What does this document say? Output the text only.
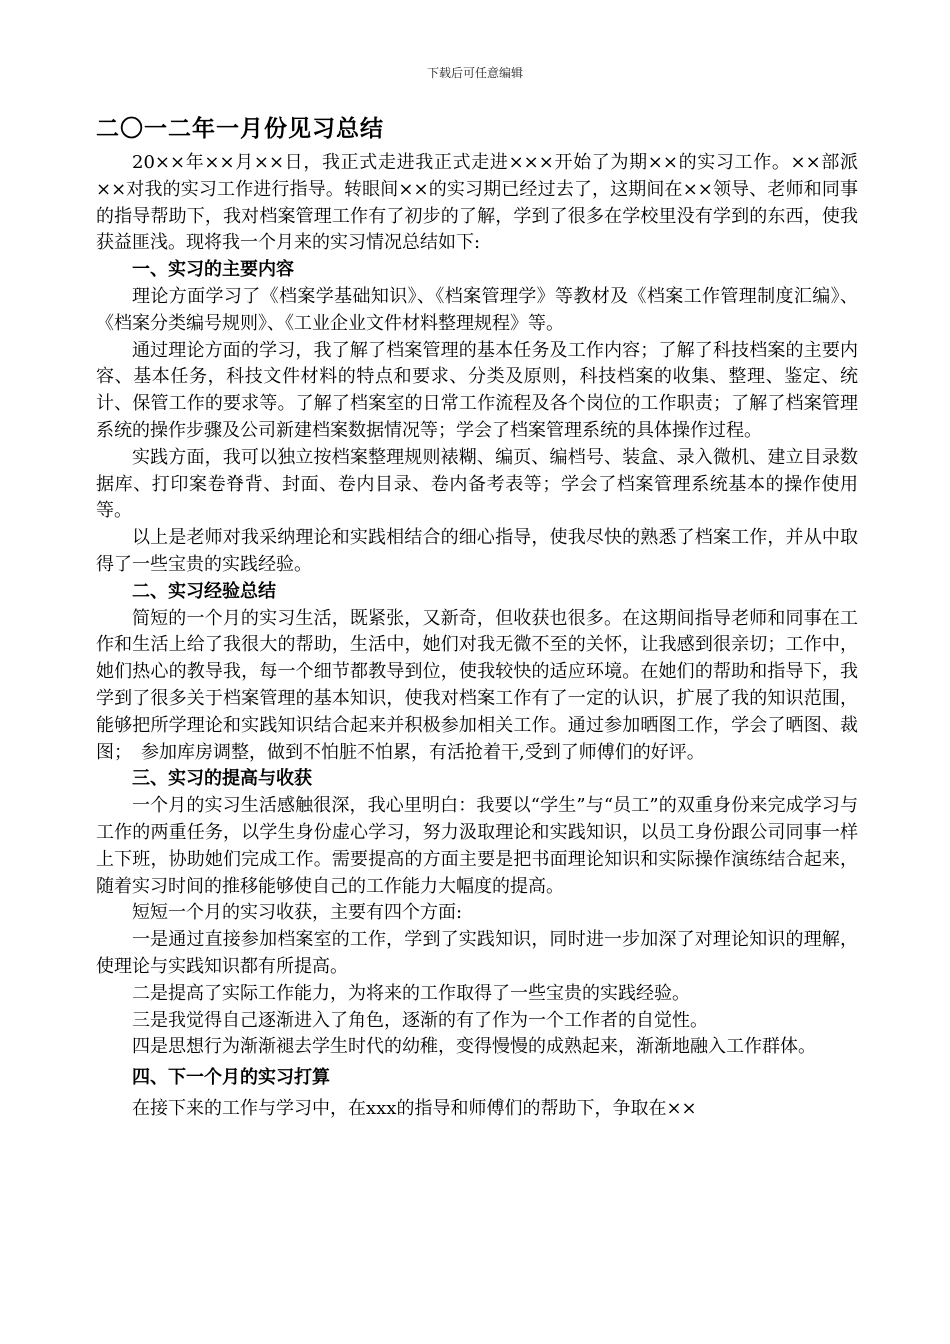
下载后可任意编辑
二〇一二年一月份见习总结

20××年××月××日，我正式走进我正式走进×××开始了为期××的实习工作。××部派××对我的实习工作进行指导。转眼间××的实习期已经过去了，这期间在××领导、老师和同事的指导帮助下，我对档案管理工作有了初步的了解，学到了很多在学校里没有学到的东西，使我获益匪浅。现将我一个月来的实习情况总结如下:

一、实习的主要内容

理论方面学习了《档案学基础知识》、《档案管理学》等教材及《档案工作管理制度汇编》、《档案分类编号规则》、《工业企业文件材料整理规程》等。

通过理论方面的学习，我了解了档案管理的基本任务及工作内容；了解了科技档案的主要内容、基本任务，科技文件材料的特点和要求、分类及原则，科技档案的收集、整理、鉴定、统计、保管工作的要求等。了解了档案室的日常工作流程及各个岗位的工作职责；了解了档案管理系统的操作步骤及公司新建档案数据情况等；学会了档案管理系统的具体操作过程。

实践方面，我可以独立按档案整理规则裱糊、编页、编档号、装盒、录入微机、建立目录数据库、打印案卷脊背、封面、卷内目录、卷内备考表等；学会了档案管理系统基本的操作使用等。

以上是老师对我采纳理论和实践相结合的细心指导，使我尽快的熟悉了档案工作，并从中取得了一些宝贵的实践经验。

二、实习经验总结

简短的一个月的实习生活，既紧张，又新奇，但收获也很多。在这期间指导老师和同事在工作和生活上给了我很大的帮助，生活中，她们对我无微不至的关怀，让我感到很亲切；工作中，她们热心的教导我，每一个细节都教导到位，使我较快的适应环境。在她们的帮助和指导下，我学到了很多关于档案管理的基本知识，使我对档案工作有了一定的认识，扩展了我的知识范围，能够把所学理论和实践知识结合起来并积极参加相关工作。通过参加晒图工作，学会了晒图、裁图；　参加库房调整，做到不怕脏不怕累，有活抢着干,受到了师傅们的好评。

三、实习的提高与收获

一个月的实习生活感触很深，我心里明白：我要以“学生”与“员工”的双重身份来完成学习与工作的两重任务，以学生身份虚心学习，努力汲取理论和实践知识，以员工身份跟公司同事一样上下班，协助她们完成工作。需要提高的方面主要是把书面理论知识和实际操作演练结合起来，随着实习时间的推移能够使自己的工作能力大幅度的提高。

短短一个月的实习收获，主要有四个方面:

一是通过直接参加档案室的工作，学到了实践知识，同时进一步加深了对理论知识的理解，使理论与实践知识都有所提高。

二是提高了实际工作能力，为将来的工作取得了一些宝贵的实践经验。

三是我觉得自己逐渐进入了角色，逐渐的有了作为一个工作者的自觉性。

四是思想行为渐渐褪去学生时代的幼稚，变得慢慢的成熟起来，渐渐地融入工作群体。

四、下一个月的实习打算

在接下来的工作与学习中，在xxx的指导和师傅们的帮助下，争取在××
